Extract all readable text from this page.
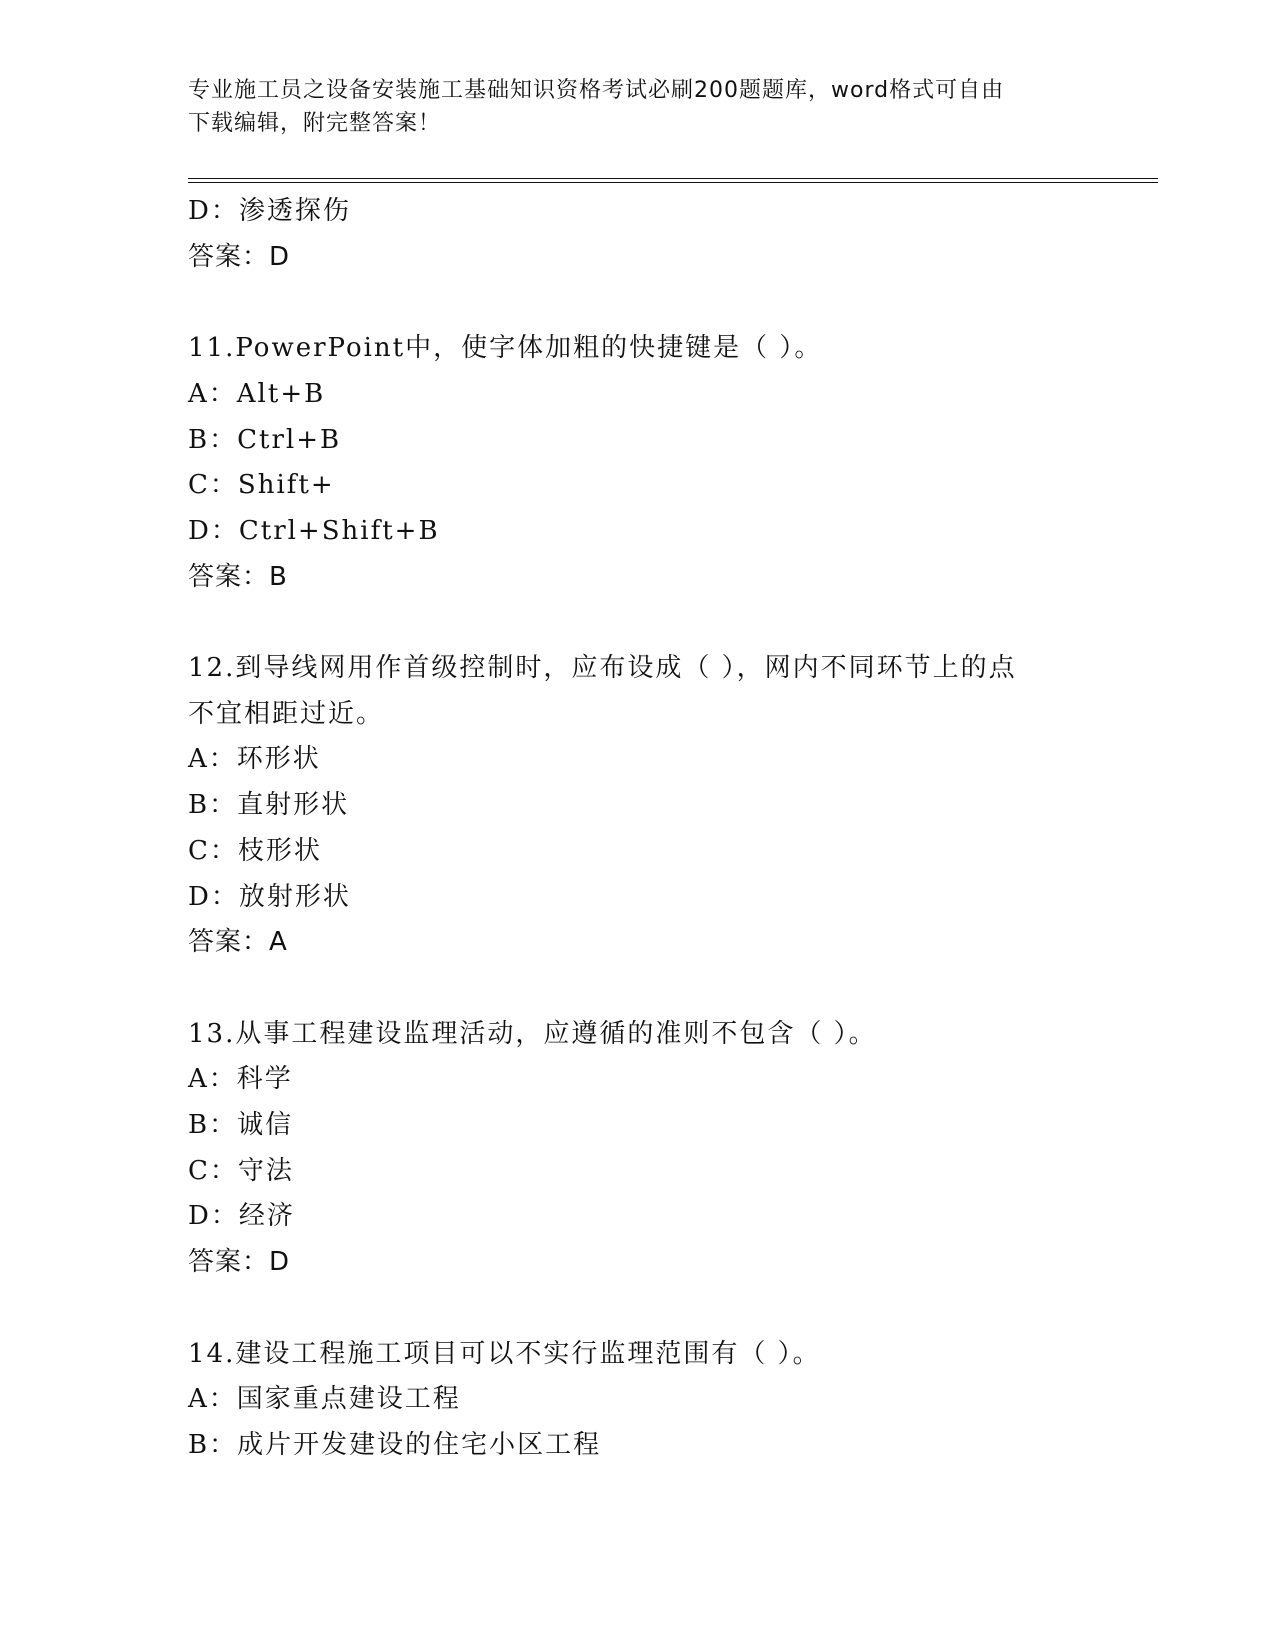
专业施工员之设备安装施工基础知识资格考试必刷200题题库，word格式可自由
下载编辑，附完整答案！
D：渗透探伤
答案：D
11.PowerPoint中，使字体加粗的快捷键是（ ）。
A：Alt+B
B：Ctrl+B
C：Shift+
D：Ctrl+Shift+B
答案：B
12.到导线网用作首级控制时，应布设成（ ），网内不同环节上的点
不宜相距过近。
A：环形状
B：直射形状
C：枝形状
D：放射形状
答案：A
13.从事工程建设监理活动，应遵循的准则不包含（ ）。
A：科学
B：诚信
C：守法
D：经济
答案：D
14.建设工程施工项目可以不实行监理范围有（ ）。
A：国家重点建设工程
B：成片开发建设的住宅小区工程
